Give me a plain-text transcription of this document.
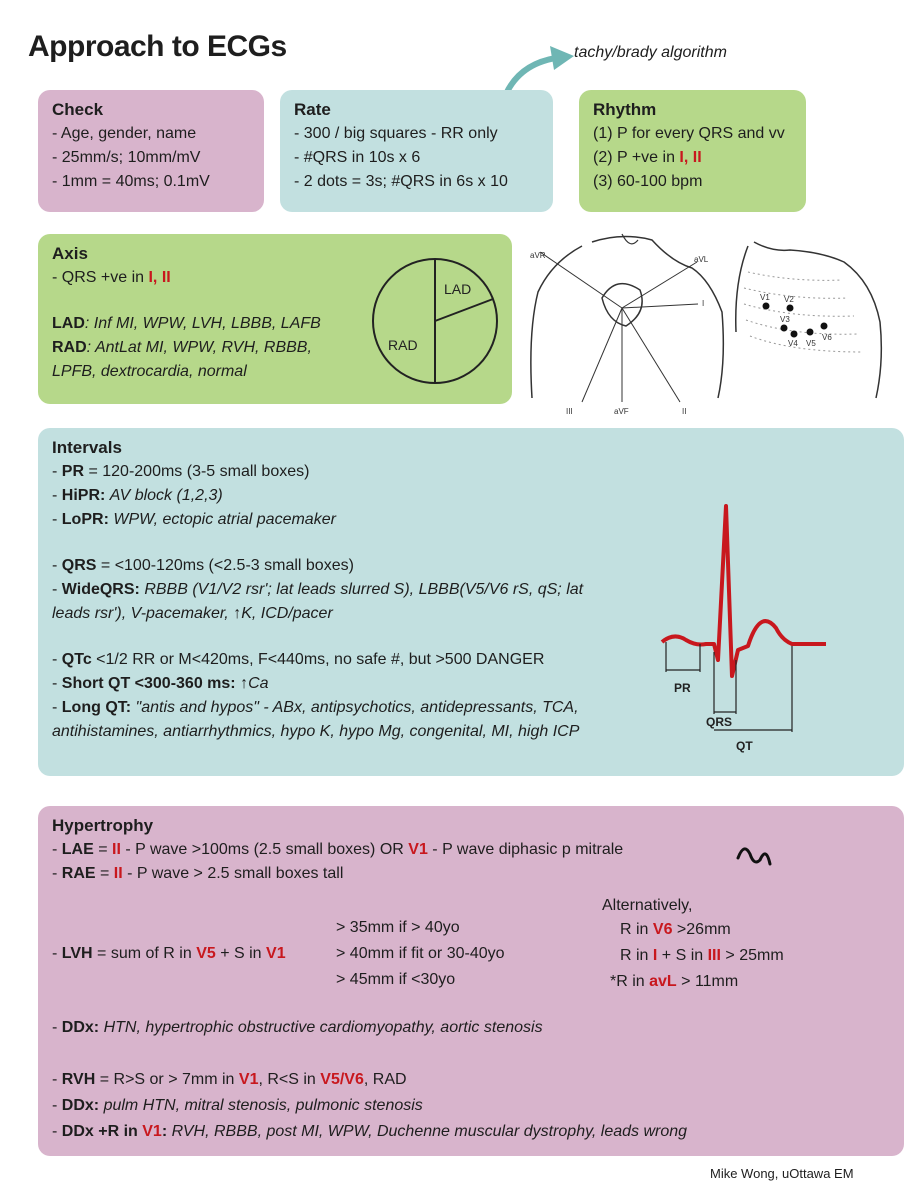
Approach to ECGs	tachy/brady algorithm
Check
- Age, gender, name
- 25mm/s; 10mm/mV
- 1mm = 40ms; 0.1mV
Rate
- 300 / big squares - RR only
- #QRS in 10s x 6
- 2 dots = 3s; #QRS in 6s x 10
Rhythm
(1) P for every QRS and vv
(2) P +ve in I, II
(3) 60-100 bpm
Axis
- QRS +ve in I, II
LAD: Inf MI, WPW, LVH, LBBB, LAFB
RAD: AntLat MI, WPW, RVH, RBBB,
LPFB, dextrocardia, normal
LAD
RAD
aVR	aVL
I
III	aVF	II
V1 V2
V3
V4 V5
V6
Intervals
- PR = 120-200ms (3-5 small boxes)
- HiPR: AV block (1,2,3)
- LoPR: WPW, ectopic atrial pacemaker
- QRS = <100-120ms (<2.5-3 small boxes)
- WideQRS: RBBB (V1/V2 rsr'; lat leads slurred S), LBBB(V5/V6 rS, qS; lat
leads rsr'), V-pacemaker, ↑K, ICD/pacer
- QTc <1/2 RR or M<420ms, F<440ms, no safe #, but >500 DANGER
- Short QT <300-360 ms: ↑Ca
- Long QT: "antis and hypos" - ABx, antipsychotics, antidepressants, TCA,
antihistamines, antiarrhythmics, hypo K, hypo Mg, congenital, MI, high ICP
PR
QRS
QT
Hypertrophy
- LAE = II - P wave >100ms (2.5 small boxes) OR V1 - P wave diphasic p mitrale
- RAE = II - P wave > 2.5 small boxes tall
- LVH = sum of R in V5 + S in V1
> 35mm if > 40yo
> 40mm if fit or 30-40yo
> 45mm if <30yo
Alternatively,
R in V6 >26mm
R in I + S in III > 25mm
*R in avL > 11mm
- DDx: HTN, hypertrophic obstructive cardiomyopathy, aortic stenosis
- RVH = R>S or > 7mm in V1, R<S in V5/V6, RAD
- DDx: pulm HTN, mitral stenosis, pulmonic stenosis
- DDx +R in V1: RVH, RBBB, post MI, WPW, Duchenne muscular dystrophy, leads wrong
Mike Wong, uOttawa EM
